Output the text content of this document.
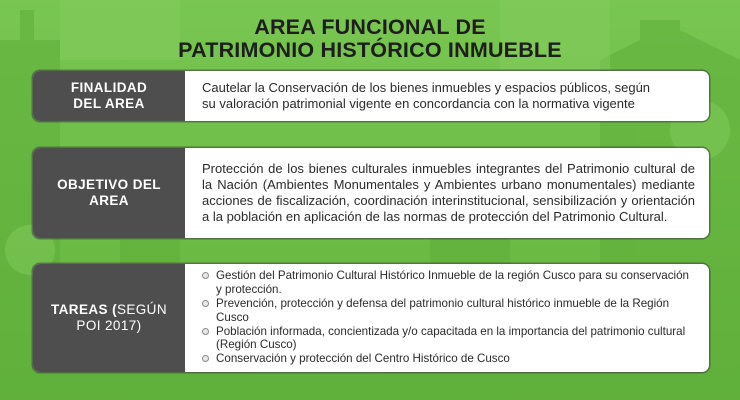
AREA FUNCIONAL DE
PATRIMONIO HISTÓRICO INMUEBLE
FINALIDAD
DEL AREA
Cautelar la Conservación de los bienes inmuebles y espacios públicos, según
su valoración patrimonial vigente en concordancia con la normativa vigente
OBJETIVO DEL
AREA
Protección de los bienes culturales inmuebles integrantes del Patrimonio cultural de la Nación (Ambientes Monumentales y Ambientes urbano monumentales) mediante acciones de fiscalización, coordinación interinstitucional, sensibilización y orientación a la población en aplicación de las normas de protección del Patrimonio Cultural.
TAREAS (SEGÚN
POI 2017)
Gestión del Patrimonio Cultural Histórico Inmueble de la región Cusco para su conservación y protección.
Prevención, protección y defensa del patrimonio cultural histórico inmueble de la Región Cusco
Población informada, concientizada y/o capacitada en la importancia del patrimonio cultural (Región Cusco)
Conservación y protección del Centro Histórico de Cusco
